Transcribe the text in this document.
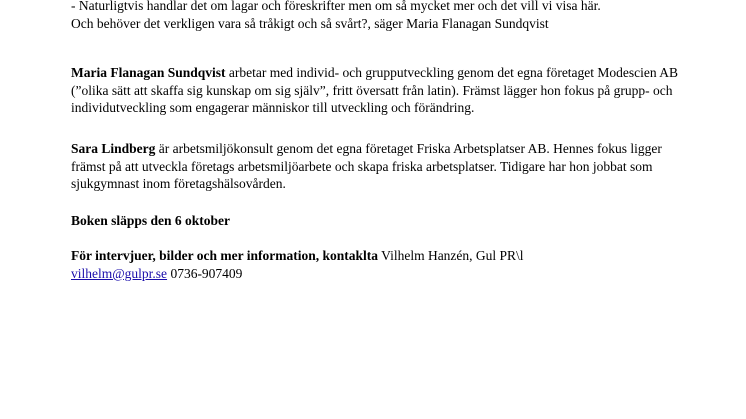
- Naturligtvis handlar det om lagar och föreskrifter men om så mycket mer och det vill vi visa här.
Och behöver det verkligen vara så tråkigt och så svårt?, säger Maria Flanagan Sundqvist

Maria Flanagan Sundqvist arbetar med individ- och grupputveckling genom det egna företaget Modescien AB (”olika sätt att skaffa sig kunskap om sig själv”, fritt översatt från latin). Främst lägger hon fokus på grupp- och individutveckling som engagerar människor till utveckling och förändring.

Sara Lindberg är arbetsmiljökonsult genom det egna företaget Friska Arbetsplatser AB. Hennes fokus ligger främst på att utveckla företags arbetsmiljöarbete och skapa friska arbetsplatser. Tidigare har hon jobbat som sjukgymnast inom företagshälsovården.

Boken släpps den 6 oktober

För intervjuer, bilder och mer information, kontaklta Vilhelm Hanzén, Gul PR\l
vilhelm@gulpr.se 0736-907409
